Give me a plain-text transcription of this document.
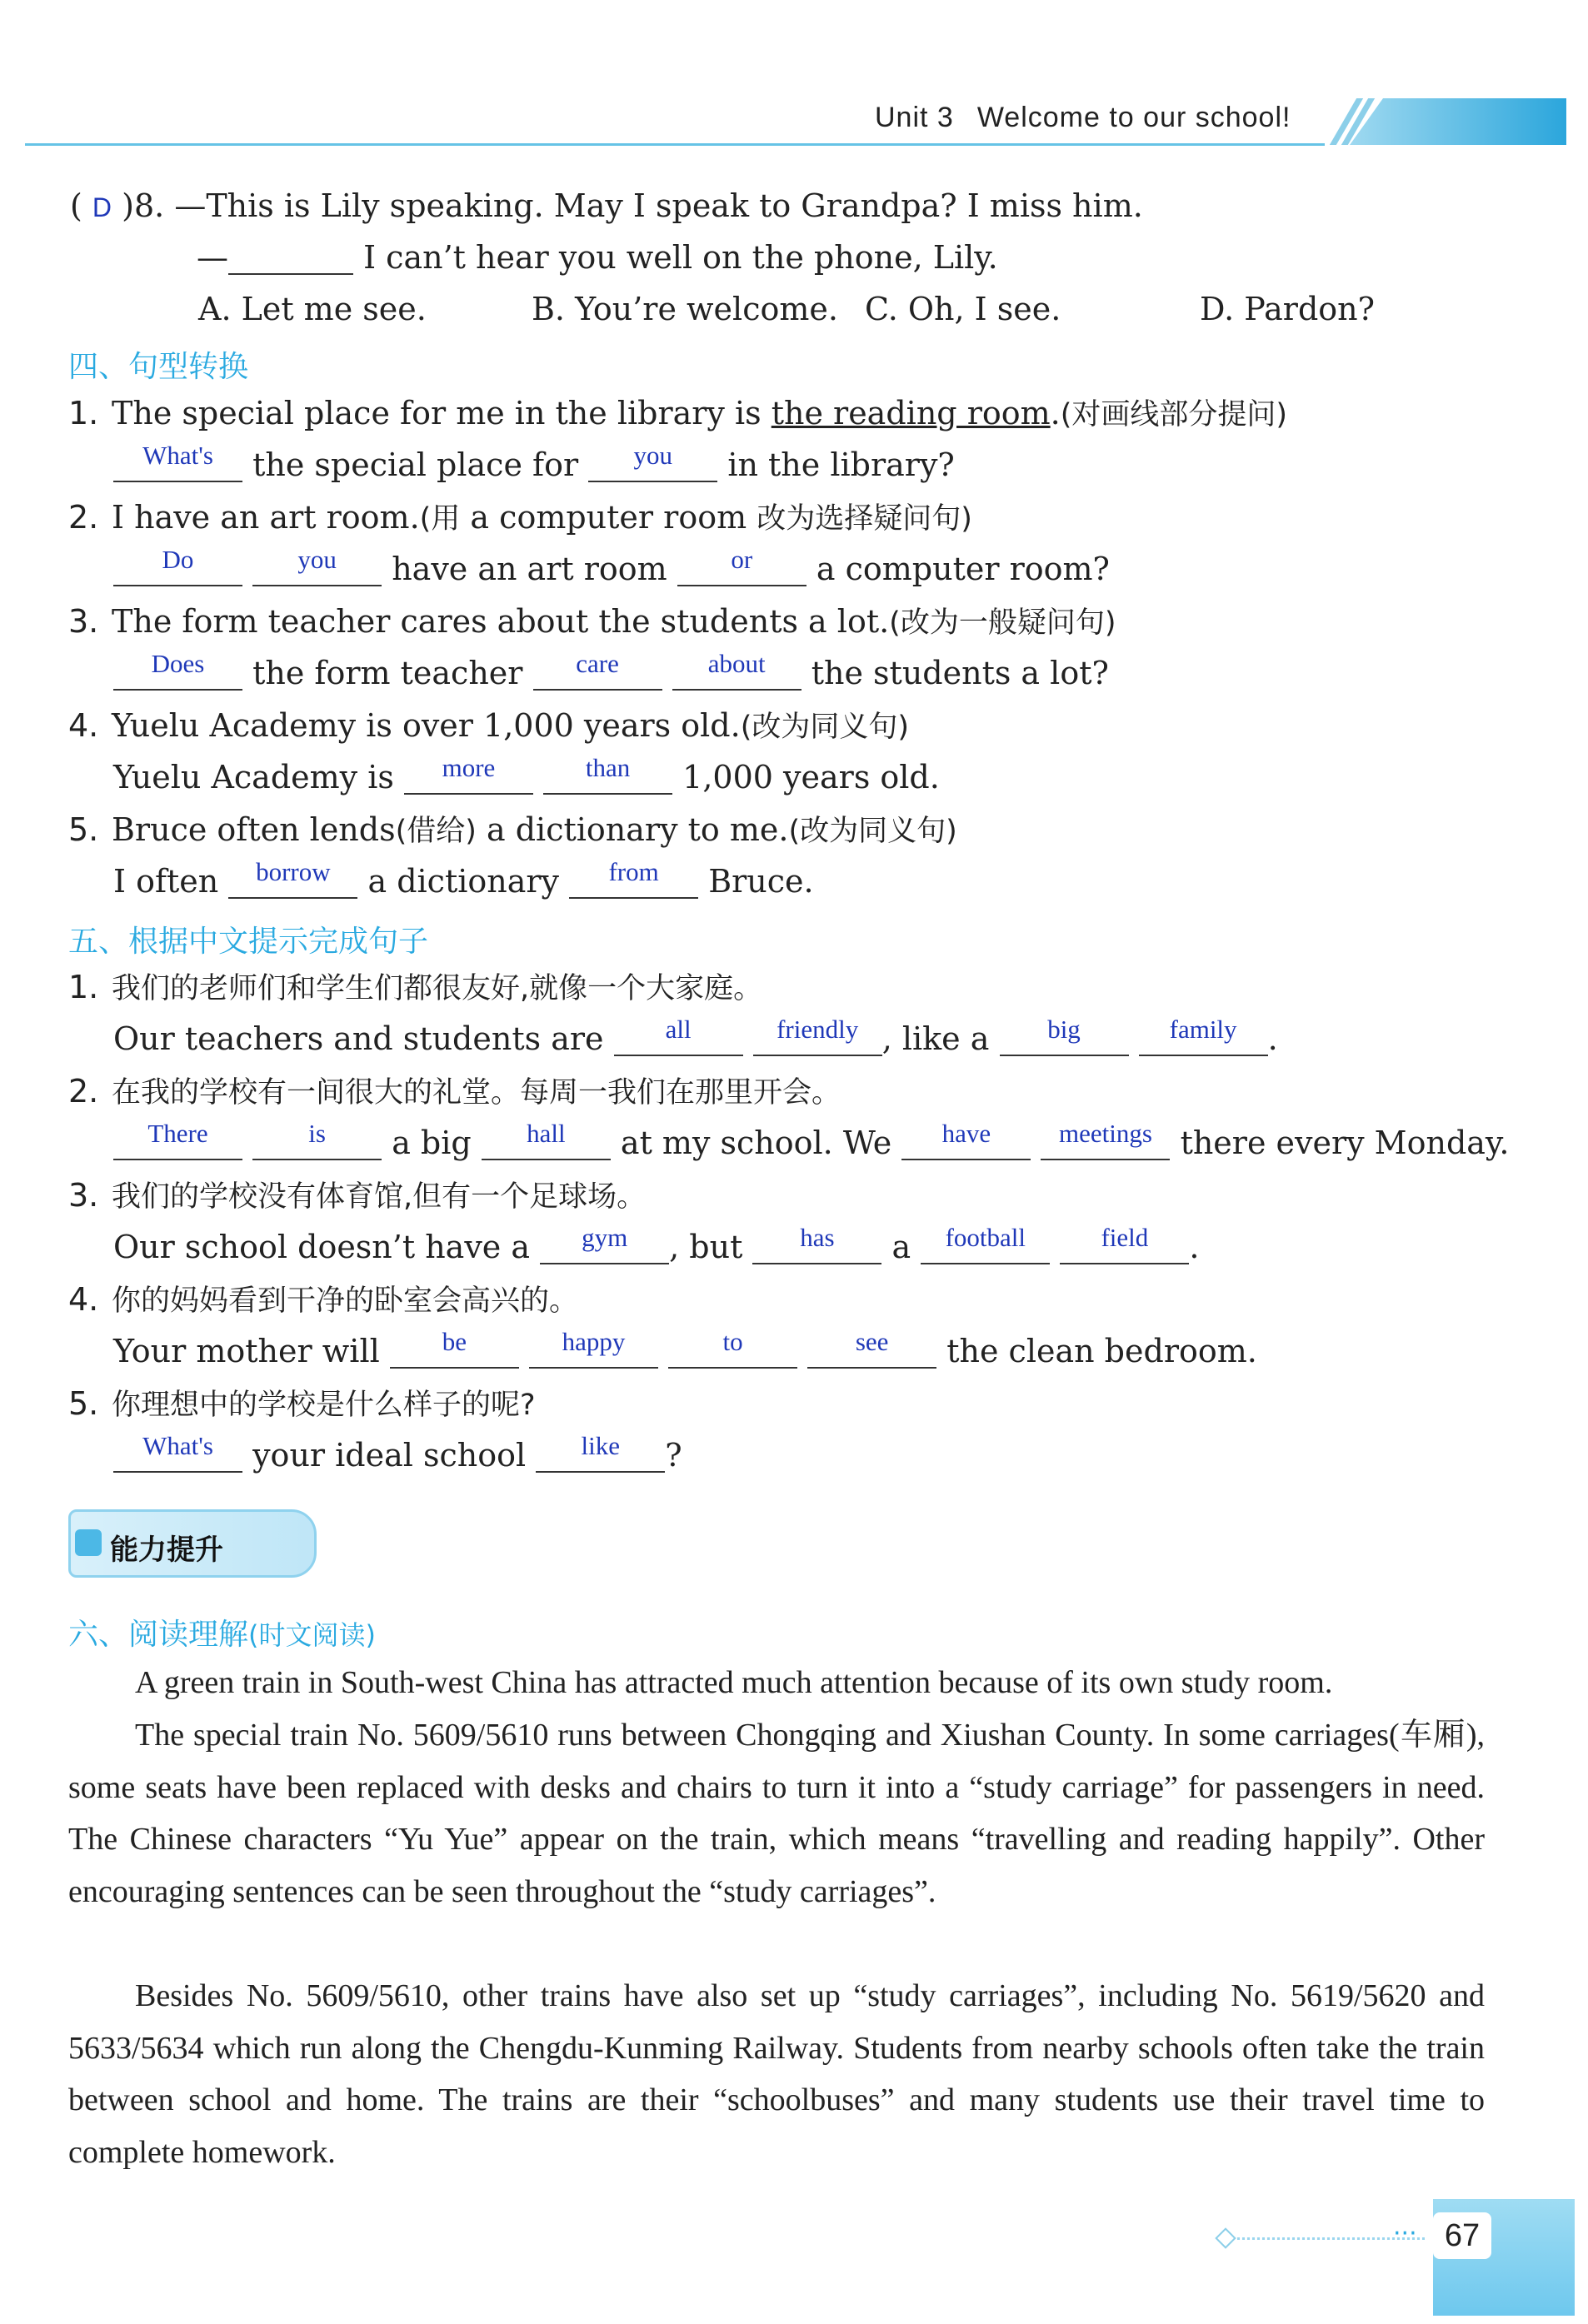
Unit 3 Welcome to our school!
( D )8. —This is Lily speaking. May I speak to Grandpa? I miss him.
—	I can’t hear you well on the phone, Lily.
A. Let me see.	B. You’re welcome. C. Oh, I see.	D. Pardon?
四、句型转换
1. The special place for me in the library is the reading room.(对画线部分提问)
$^{What's}$ the special place for $^{you}$ in the library?
2. I have an art room.(用 a computer room 改为选择疑问句)
$^{Do}$	$^{you}$ have an art room $^{or}$ a computer room?
3. The form teacher cares about the students a lot.(改为一般疑问句)
$^{Does}$ the form teacher $^{care}$	$^{about}$ the students a lot?
4. Yuelu Academy is over 1,000 years old.(改为同义句)
Yuelu Academy is $^{more}$	$^{than}$ 1,000 years old.
5. Bruce often lends(借给) a dictionary to me.(改为同义句)
I often $^{borrow}$ a dictionary $^{from}$ Bruce.
五、根据中文提示完成句子
1. 我们的老师们和学生们都很友好,就像一个大家庭。
Our teachers and students are $^{all}$	$^{friendly}$ , like a $^{big}$	$^{family}$ .
2. 在我的学校有一间很大的礼堂。每周一我们在那里开会。
$^{There}$	$^{is}$ a big $^{hall}$ at my school. We $^{have}$	$^{meetings}$ there every Monday.
3. 我们的学校没有体育馆,但有一个足球场。
Our school doesn’t have a $^{gym}$ , but $^{has}$ a $^{football}$	$^{field}$ .
4. 你的妈妈看到干净的卧室会高兴的。
Your mother will $^{be}$	$^{happy}$	$^{to}$	$^{see}$ the clean bedroom.
5. 你理想中的学校是什么样子的呢?
$^{What's}$ your ideal school $^{like}$ ?
能力提升
六、阅读理解(时文阅读)
A green train in South-west China has attracted much attention because of its own study room.
The special train No. 5609/5610 runs between Chongqing and Xiushan County. In some carriages(车厢), some seats have been replaced with desks and chairs to turn it into a “study carriage” for passengers in need. The Chinese characters “Yu Yue” appear on the train, which means “travelling and reading happily”. Other encouraging sentences can be seen throughout the “study carriages”.
Besides No. 5609/5610, other trains have also set up “study carriages”, including No. 5619/5620 and 5633/5634 which run along the Chengdu-Kunming Railway. Students from nearby schools often take the train between school and home. The trains are their “schoolbuses” and many students use their travel time to complete homework.
··· 67
